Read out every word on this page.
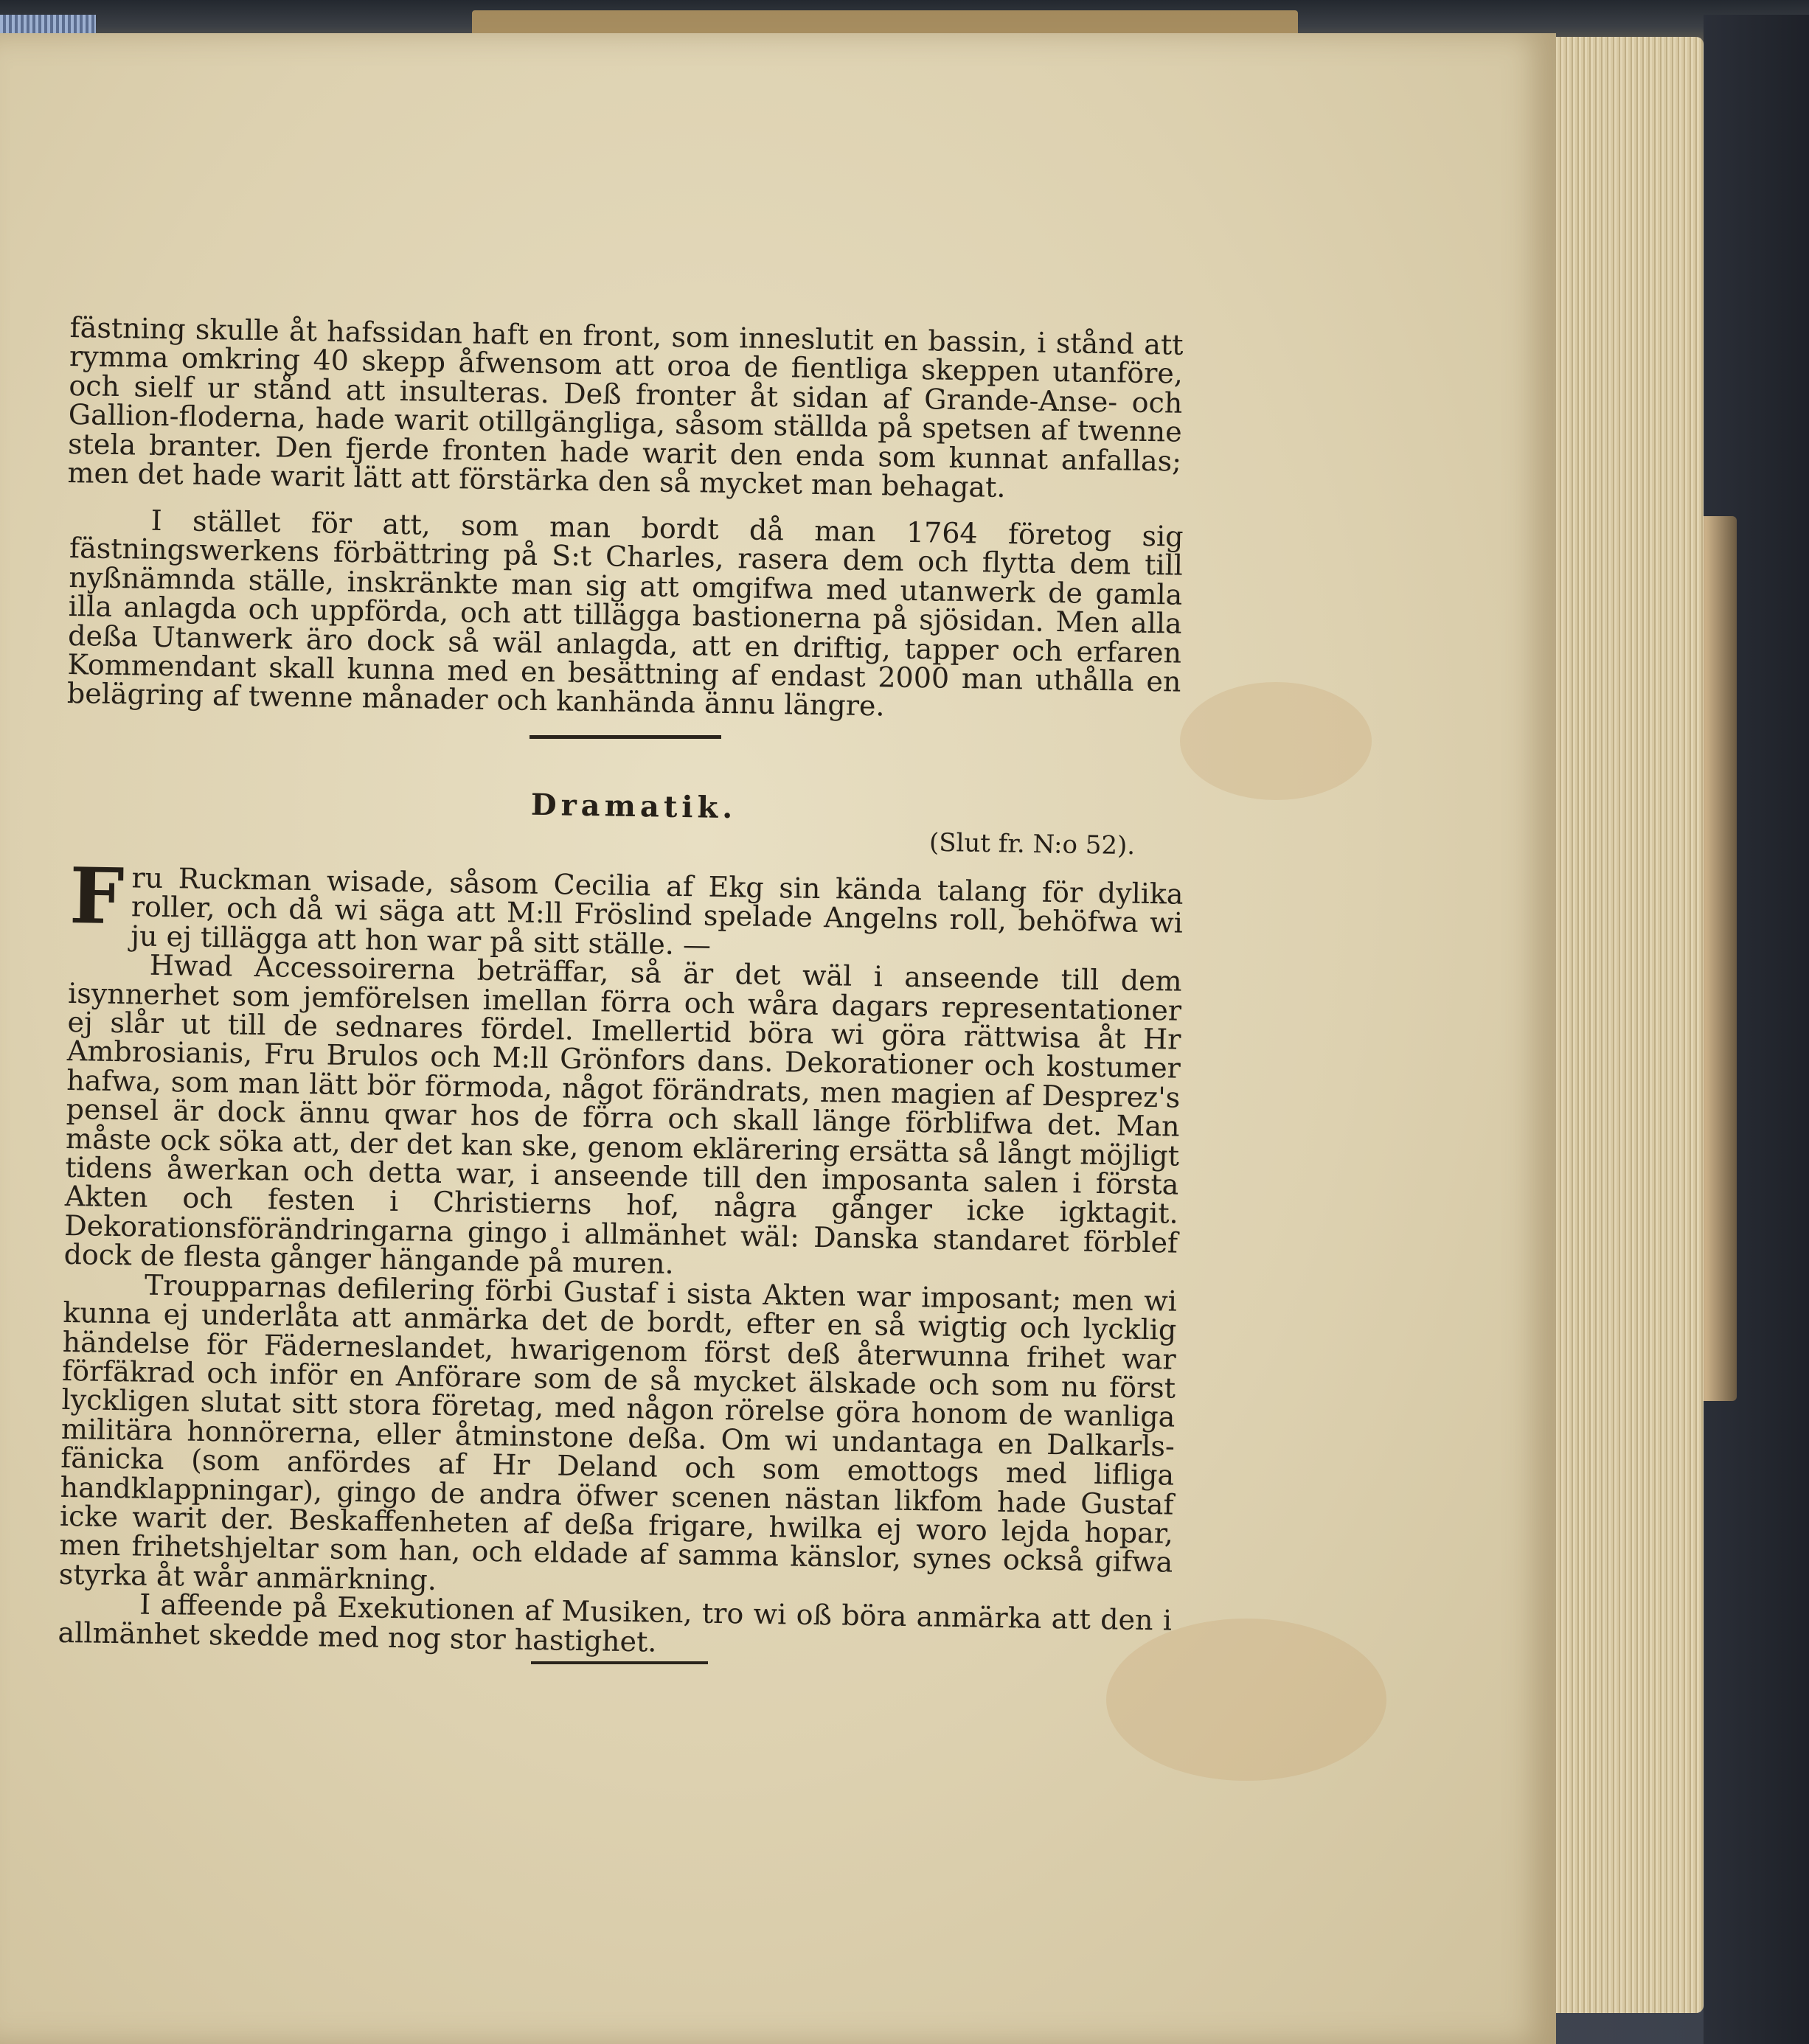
fästning skulle åt hafssidan haft en front, som inneslutit en bassin, i stånd att rymma omkring 40 skepp åfwensom att oroa de fientliga skeppen utanföre, och sielf ur stånd att insulteras. Deß fronter åt sidan af Grande-Anse- och Gallion-floderna, hade warit otillgängliga, såsom ställda på spetsen af twenne stela branter. Den fjerde fronten hade warit den enda som kunnat anfallas; men det hade warit lätt att förstärka den så mycket man behagat.

I stället för att, som man bordt då man 1764 företog sig fästningswerkens förbättring på S:t Charles, rasera dem och flytta dem till nyßnämnda ställe, inskränkte man sig att omgifwa med utanwerk de gamla illa anlagda och uppförda, och att tillägga bastionerna på sjösidan. Men alla deßa Utanwerk äro dock så wäl anlagda, att en driftig, tapper och erfaren Kommendant skall kunna med en besättning af endast 2000 man uthålla en belägring af twenne månader och kanhända ännu längre.

Dramatik.
(Slut fr. N:o 52).

Fru Ruckman wisade, såsom Cecilia af Ekg sin kända talang för dylika roller, och då wi säga att M:ll Fröslind spelade Angelns roll, behöfwa wi ju ej tillägga att hon war på sitt ställe. —

Hwad Accessoirerna beträffar, så är det wäl i anseende till dem isynnerhet som jemförelsen imellan förra och wåra dagars representationer ej slår ut till de sednares fördel. Imellertid böra wi göra rättwisa åt Hr Ambrosianis, Fru Brulos och M:ll Grönfors dans. Dekorationer och kostumer hafwa, som man lätt bör förmoda, något förändrats, men magien af Desprez's pensel är dock ännu qwar hos de förra och skall länge förblifwa det. Man måste ock söka att, der det kan ske, genom eklärering ersätta så långt möjligt tidens åwerkan och detta war, i anseende till den imposanta salen i första Akten och festen i Christierns hof, några gånger icke igktagit. Dekorationsförändringarna gingo i allmänhet wäl: Danska standaret förblef dock de flesta gånger hängande på muren.

Troupparnas defilering förbi Gustaf i sista Akten war imposant; men wi kunna ej underlåta att anmärka det de bordt, efter en så wigtig och lycklig händelse för Fäderneslandet, hwarigenom först deß återwunna frihet war förfäkrad och inför en Anförare som de så mycket älskade och som nu först lyckligen slutat sitt stora företag, med någon rörelse göra honom de wanliga militära honnörerna, eller åtminstone deßa. Om wi undantaga en Dalkarls-fänicka (som anfördes af Hr Deland och som emottogs med lifliga handklappningar), gingo de andra öfwer scenen nästan likfom hade Gustaf icke warit der. Beskaffenheten af deßa frigare, hwilka ej woro lejda hopar, men frihetshjeltar som han, och eldade af samma känslor, synes också gifwa styrka åt wår anmärkning.

I affeende på Exekutionen af Musiken, tro wi oß böra anmärka att den i allmänhet skedde med nog stor hastighet.
